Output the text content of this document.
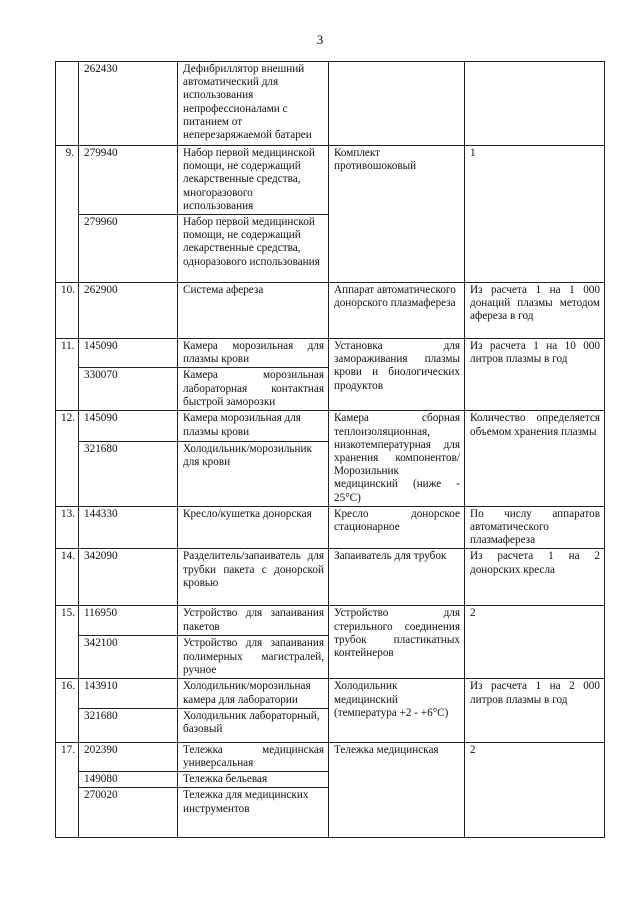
3
	262430	Дефибриллятор внешний автоматический для использования непрофессионалами с питанием от неперезаряжаемой батареи		
9.	279940	Набор первой медицинской помощи, не содержащий лекарственные средства, многоразового использования	Комплект противошоковый	1
	279960	Набор первой медицинской помощи, не содержащий лекарственные средства, одноразового использования		
10.	262900	Система афереза	Аппарат автоматического донорского плазмафереза	Из расчета 1 на 1 000 донаций плазмы методом афереза в год
11.	145090	Камера морозильная для плазмы крови	Установка для замораживания плазмы крови и биологических продуктов	Из расчета 1 на 10 000 литров плазмы в год
	330070	Камера морозильная лабораторная контактная быстрой заморозки		
12.	145090	Камера морозильная для плазмы крови	Камера сборная теплоизоляционная, низкотемпературная для хранения компонентов/ Морозильник медицинский (ниже - 25°C)	Количество определяется объемом хранения плазмы
	321680	Холодильник/морозильник для крови		
13.	144330	Кресло/кушетка донорская	Кресло донорское стационарное	По числу аппаратов автоматического плазмафереза
14.	342090	Разделитель/запаиватель для трубки пакета с донорской кровью	Запаиватель для трубок	Из расчета 1 на 2 донорских кресла
15.	116950	Устройство для запаивания пакетов	Устройство для стерильного соединения трубок пластикатных контейнеров	2
	342100	Устройство для запаивания полимерных магистралей, ручное		
16.	143910	Холодильник/морозильная камера для лаборатории	Холодильник медицинский (температура +2 - +6°C)	Из расчета 1 на 2 000 литров плазмы в год
	321680	Холодильник лабораторный, базовый		
17.	202390	Тележка медицинская универсальная	Тележка медицинская	2
	149080	Тележка бельевая		
	270020	Тележка для медицинских инструментов		
